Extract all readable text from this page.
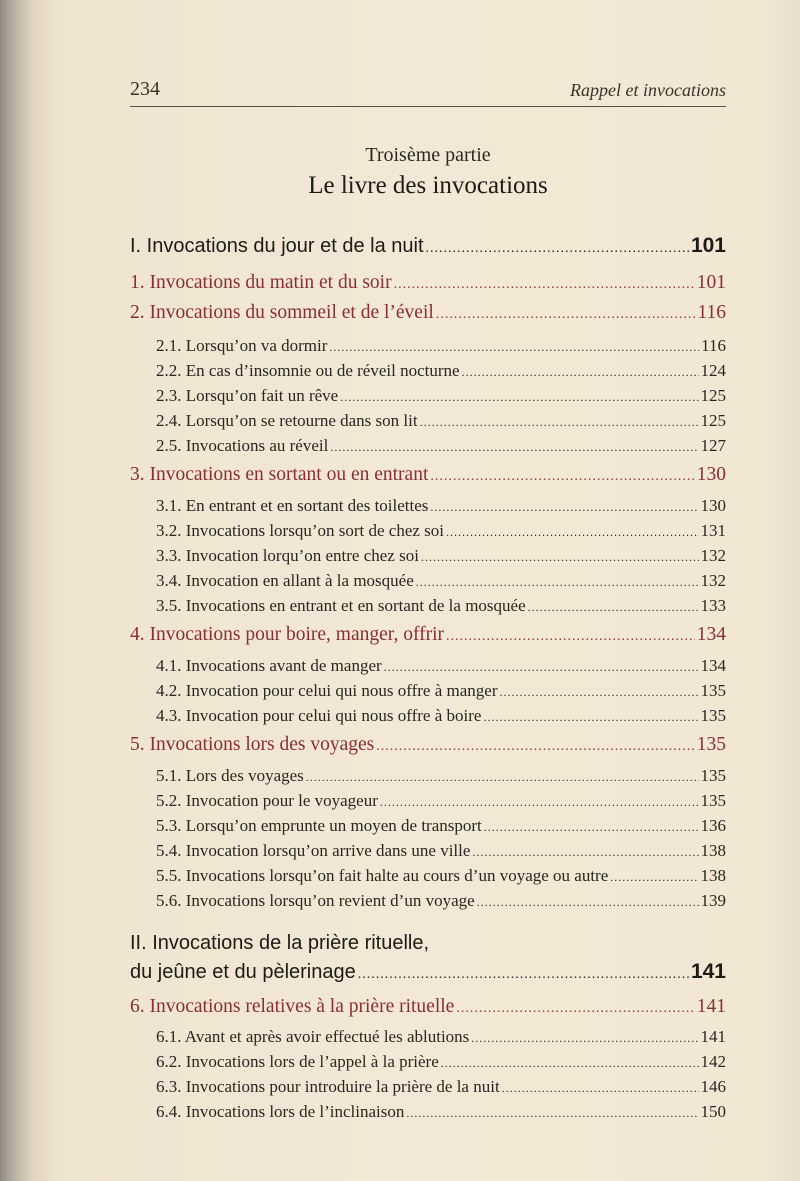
234	Rappel et invocations
Troisème partie
Le livre des invocations
I. Invocations du jour et de la nuit .....	101
1. Invocations du matin et du soir .....	101
2. Invocations du sommeil et de l’éveil .....	116
2.1. Lorsqu’on va dormir .....	116
2.2. En cas d’insomnie ou de réveil nocturne .....	124
2.3. Lorsqu’on fait un rêve .....	125
2.4. Lorsqu’on se retourne dans son lit .....	125
2.5. Invocations au réveil .....	127
3. Invocations en sortant ou en entrant .....	130
3.1. En entrant et en sortant des toilettes .....	130
3.2. Invocations lorsqu’on sort de chez soi .....	131
3.3. Invocation lorqu’on entre chez soi .....	132
3.4. Invocation en allant à la mosquée .....	132
3.5. Invocations en entrant et en sortant de la mosquée .....	133
4. Invocations pour boire, manger, offrir .....	134
4.1. Invocations avant de manger .....	134
4.2. Invocation pour celui qui nous offre à manger .....	135
4.3. Invocation pour celui qui nous offre à boire .....	135
5. Invocations lors des voyages .....	135
5.1. Lors des voyages .....	135
5.2. Invocation pour le voyageur .....	135
5.3. Lorsqu’on emprunte un moyen de transport .....	136
5.4. Invocation lorsqu’on arrive dans une ville .....	138
5.5. Invocations lorsqu’on fait halte au cours d’un voyage ou autre .....	138
5.6. Invocations lorsqu’on revient d’un voyage .....	139
II. Invocations de la prière rituelle,
du jeûne et du pèlerinage .....	141
6. Invocations relatives à la prière rituelle .....	141
6.1. Avant et après avoir effectué les ablutions .....	141
6.2. Invocations lors de l’appel à la prière .....	142
6.3. Invocations pour introduire la prière de la nuit .....	146
6.4. Invocations lors de l’inclinaison .....	150
